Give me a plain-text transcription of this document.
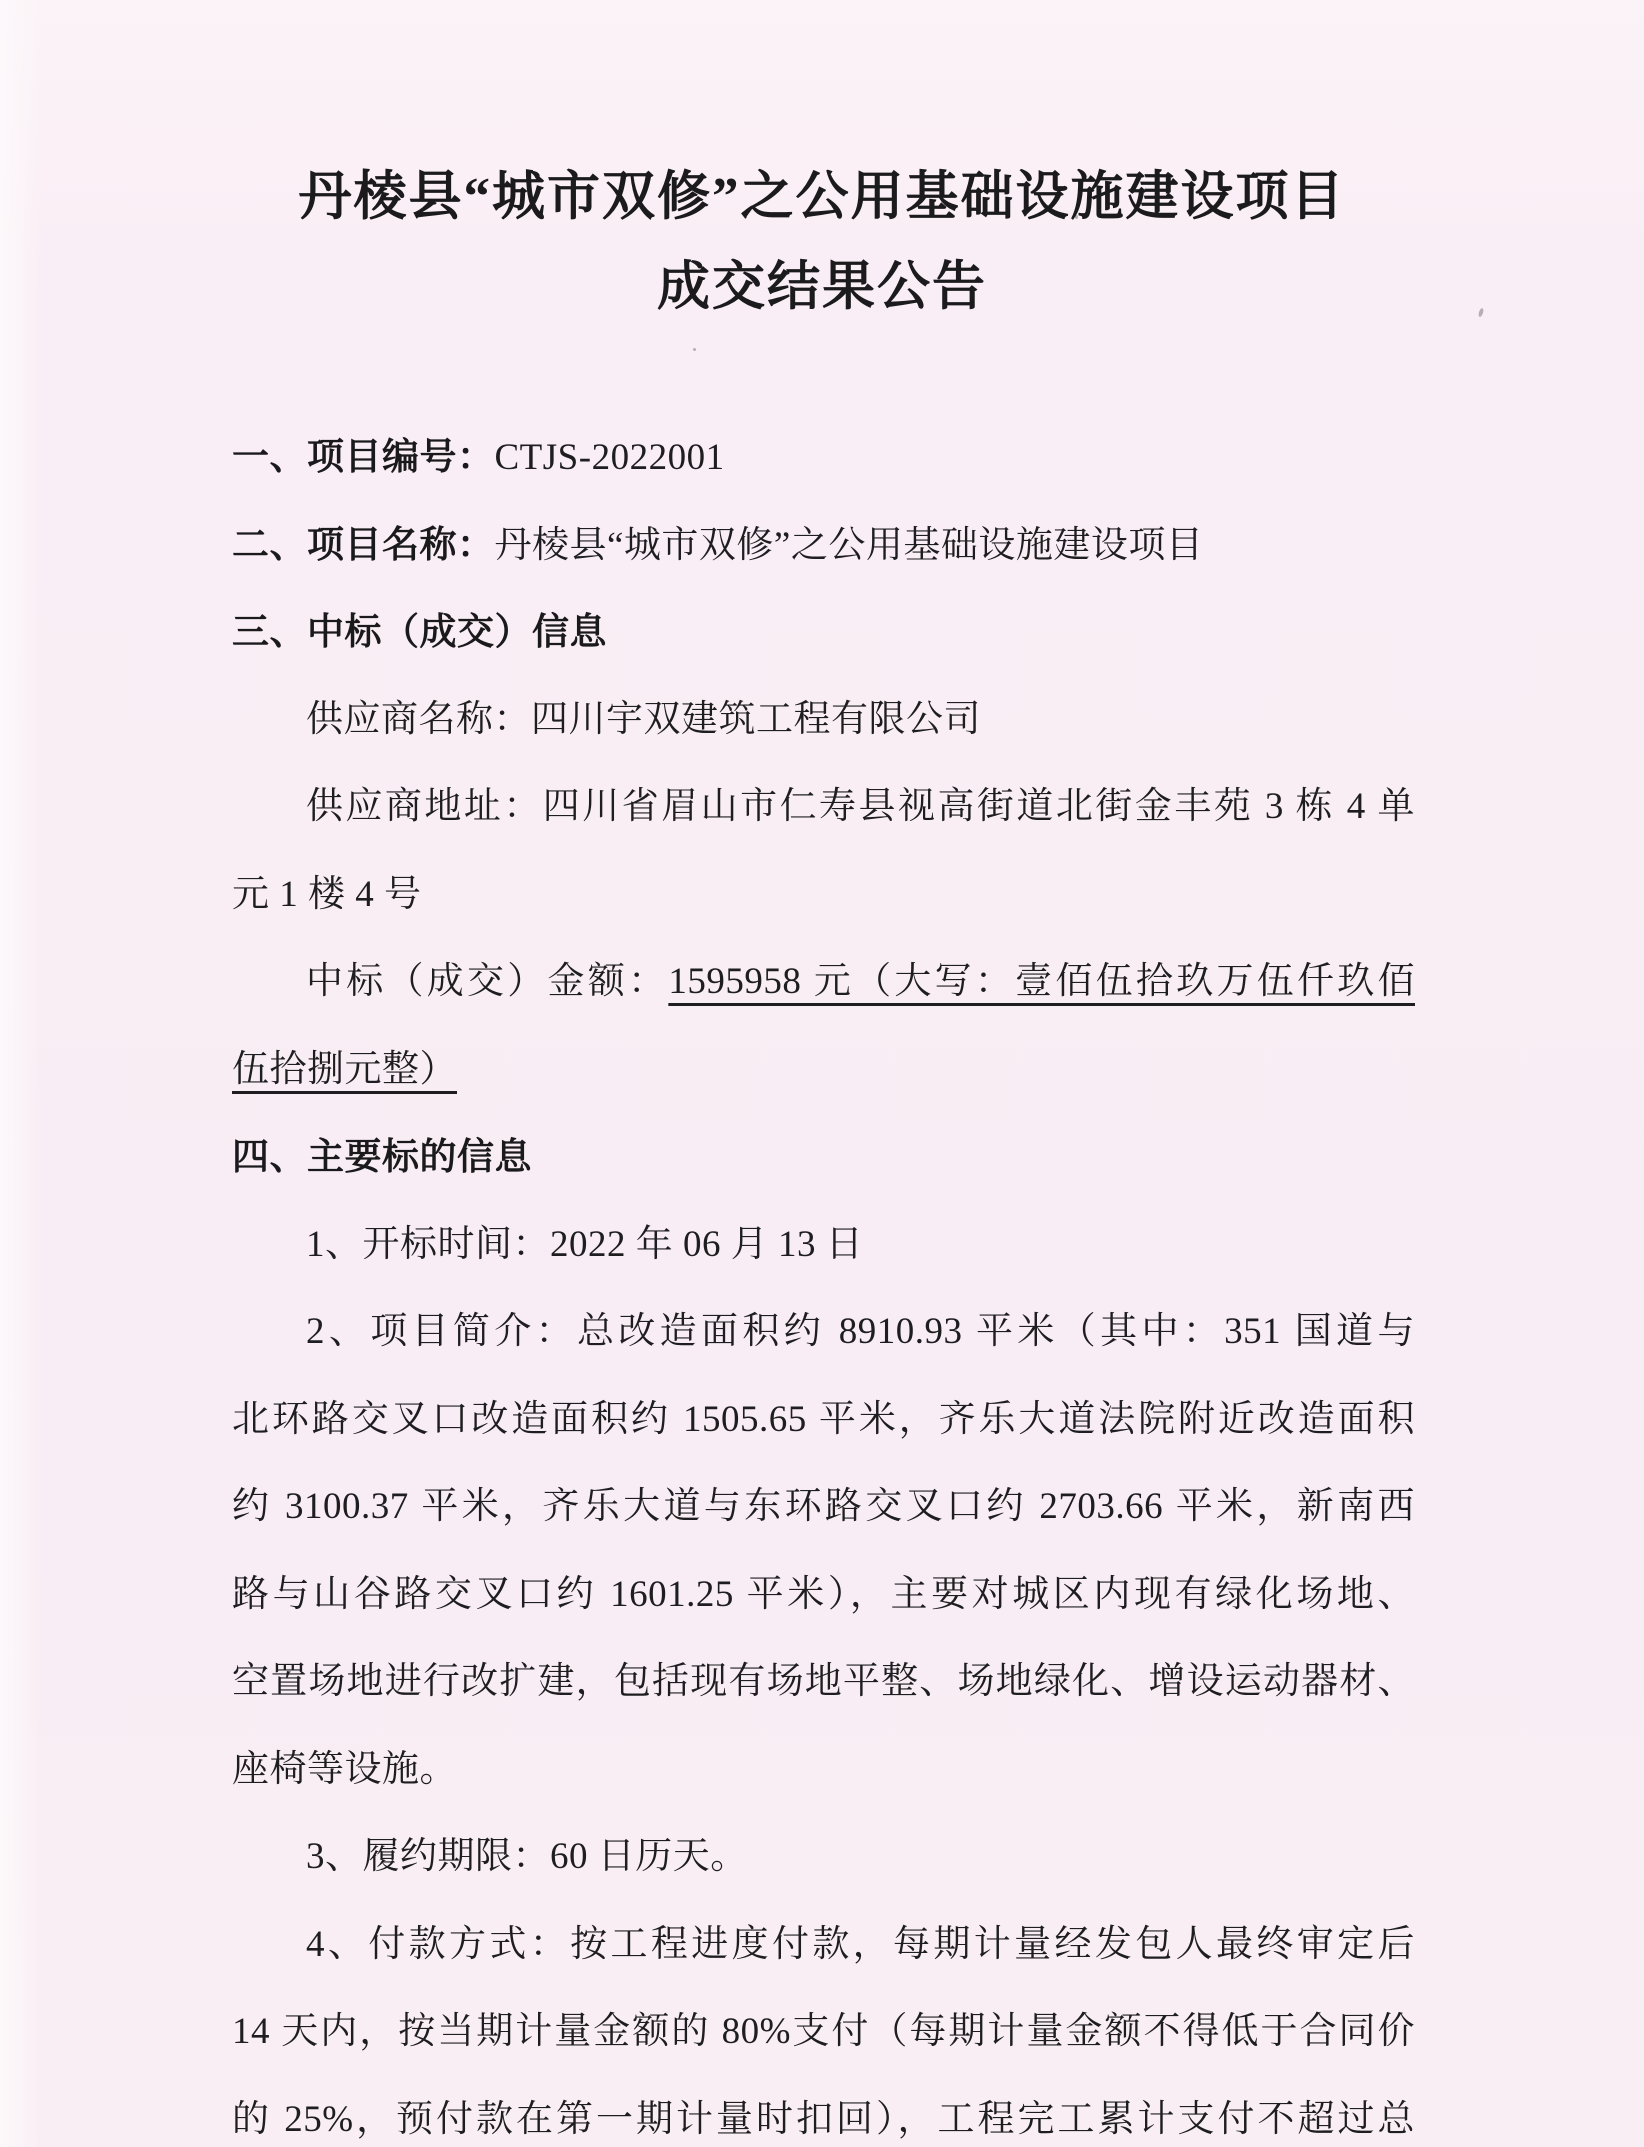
丹棱县“城市双修”之公用基础设施建设项目
成交结果公告
一、项目编号：CTJS-2022001
二、项目名称：丹棱县“城市双修”之公用基础设施建设项目
三、中标（成交）信息
供应商名称：四川宇双建筑工程有限公司
供应商地址：四川省眉山市仁寿县视高街道北街金丰苑 3 栋 4 单
元 1 楼 4 号
中标（成交）金额：1595958 元（大写：壹佰伍拾玖万伍仟玖佰
伍拾捌元整）
四、主要标的信息
1、开标时间：2022 年 06 月 13 日
2、项目简介：总改造面积约 8910.93 平米（其中：351 国道与
北环路交叉口改造面积约 1505.65 平米，齐乐大道法院附近改造面积
约 3100.37 平米，齐乐大道与东环路交叉口约 2703.66 平米，新南西
路与山谷路交叉口约 1601.25 平米），主要对城区内现有绿化场地、
空置场地进行改扩建，包括现有场地平整、场地绿化、增设运动器材、
座椅等设施。
3、履约期限：60 日历天。
4、付款方式：按工程进度付款，每期计量经发包人最终审定后
14 天内，按当期计量金额的 80%支付（每期计量金额不得低于合同价
的 25%，预付款在第一期计量时扣回），工程完工累计支付不超过总
